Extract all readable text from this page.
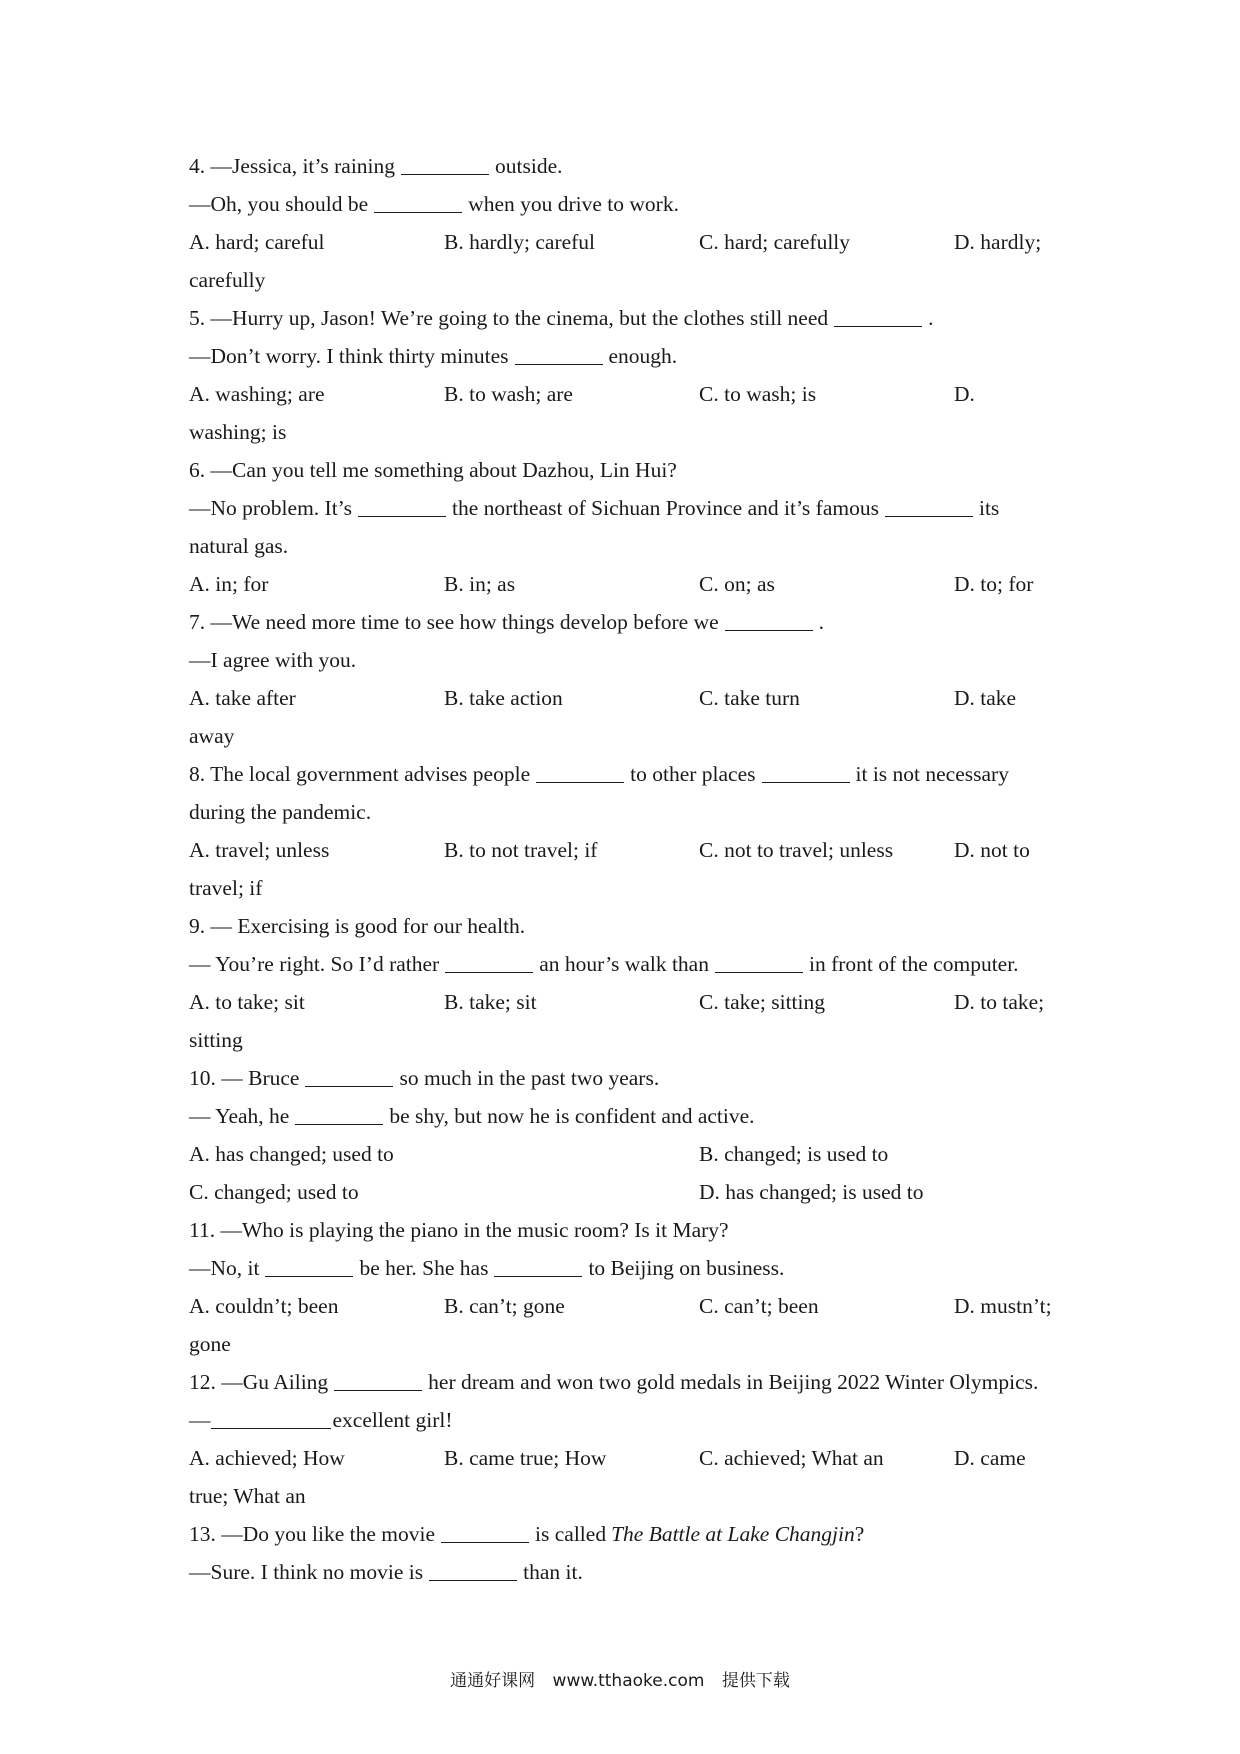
4. —Jessica, it’s raining	outside.
—Oh, you should be	when you drive to work.
A. hard; careful	B. hardly; careful	C. hard; carefully	D. hardly;
carefully
5. —Hurry up, Jason! We’re going to the cinema, but the clothes still need	.
—Don’t worry. I think thirty minutes	enough.
A. washing; are	B. to wash; are	C. to wash; is	D.
washing; is
6. —Can you tell me something about Dazhou, Lin Hui?
—No problem. It’s	the northeast of Sichuan Province and it’s famous	its
natural gas.
A. in; for	B. in; as	C. on; as	D. to; for
7. —We need more time to see how things develop before we	.
—I agree with you.
A. take after	B. take action	C. take turn	D. take
away
8. The local government advises people	to other places	it is not necessary
during the pandemic.
A. travel; unless	B. to not travel; if	C. not to travel; unless	D. not to
travel; if
9. — Exercising is good for our health.
— You’re right. So I’d rather	an hour’s walk than	in front of the computer.
A. to take; sit	B. take; sit	C. take; sitting	D. to take;
sitting
10. — Bruce	so much in the past two years.
— Yeah, he	be shy, but now he is confident and active.
A. has changed; used to	B. changed; is used to
C. changed; used to	D. has changed; is used to
11. —Who is playing the piano in the music room? Is it Mary?
—No, it	be her. She has	to Beijing on business.
A. couldn’t; been	B. can’t; gone	C. can’t; been	D. mustn’t;
gone
12. —Gu Ailing	her dream and won two gold medals in Beijing 2022 Winter Olympics.
—	excellent girl!
A. achieved; How	B. came true; How	C. achieved; What an	D. came
true; What an
13. —Do you like the movie	is called The Battle at Lake Changjin?
—Sure. I think no movie is	than it.
通通好课网 www.tthaoke.com 提供下载
